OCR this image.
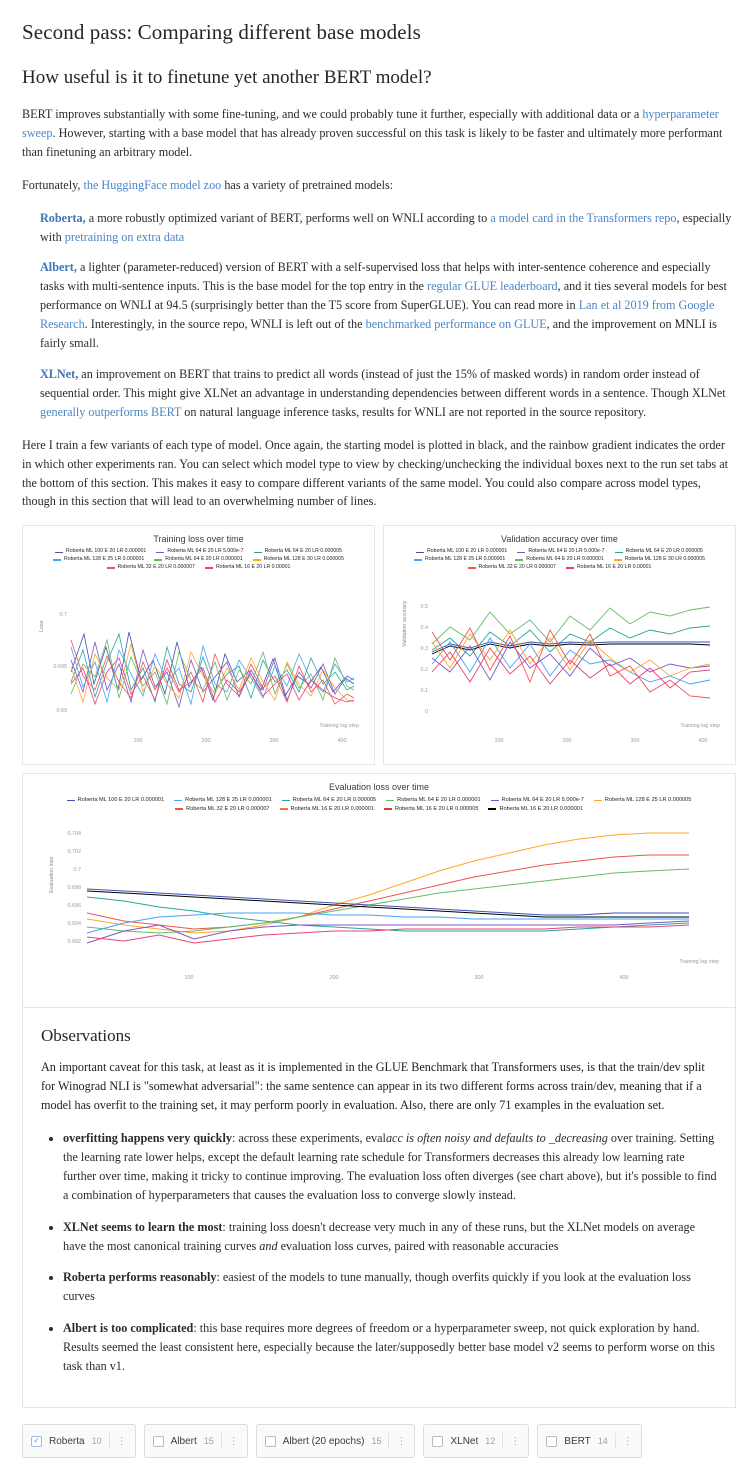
Second pass: Comparing different base models
How useful is it to finetune yet another BERT model?

BERT improves substantially with some fine-tuning, and we could probably tune it further, especially with additional data or a hyperparameter sweep. However, starting with a base model that has already proven successful on this task is likely to be faster and ultimately more performant than finetuning an arbitrary model.

Fortunately, the HuggingFace model zoo has a variety of pretrained models:

Roberta, a more robustly optimized variant of BERT, performs well on WNLI according to a model card in the Transformers repo, especially with pretraining on extra data

Albert, a lighter (parameter-reduced) version of BERT with a self-supervised loss that helps with inter-sentence coherence and especially tasks with multi-sentence inputs. This is the base model for the top entry in the regular GLUE leaderboard, and it ties several models for best performance on WNLI at 94.5 (surprisingly better than the T5 score from SuperGLUE). You can read more in Lan et al 2019 from Google Research. Interestingly, in the source repo, WNLI is left out of the benchmarked performance on GLUE, and the improvement on MNLI is fairly small.

XLNet, an improvement on BERT that trains to predict all words (instead of just the 15% of masked words) in random order instead of sequential order. This might give XLNet an advantage in understanding dependencies between different words in a sentence. Though XLNet generally outperforms BERT on natural language inference tasks, results for WNLI are not reported in the source repository.

Here I train a few variants of each type of model. Once again, the starting model is plotted in black, and the rainbow gradient indicates the order in which other experiments ran. You can select which model type to view by checking/unchecking the individual boxes next to the run set tabs at the bottom of this section. This makes it easy to compare different variants of the same model. You could also compare across model types, though in this section that will lead to an overwhelming number of lines.

Training loss over time
Roberta ML 100 E 20 LR 0.000001	Roberta ML 64 E 20 LR 5.000e-7	Roberta ML 64 E 20 LR 0.000005
Roberta ML 128 E 25 LR 0.000001	Roberta ML 64 E 20 LR 0.000001	Roberta ML 128 E 30 LR 0.000005
Roberta ML 32 E 20 LR 0.000007	Roberta ML 16 E 20 LR 0.00001
Loss
0.7
0.695
0.69
100	200	300	400
Training log step
Validation accuracy over time
Roberta ML 100 E 20 LR 0.000001	Roberta ML 64 E 20 LR 5.000e-7	Roberta ML 64 E 20 LR 0.000005
Roberta ML 128 E 25 LR 0.000001	Roberta ML 64 E 20 LR 0.000001	Roberta ML 128 E 30 LR 0.000005
Roberta ML 32 E 20 LR 0.000007	Roberta ML 16 E 20 LR 0.00001
Validation accuracy 0.5
0.4
0.3
0.2
0.1
0
100	200	300	400
Training log step
Evaluation loss over time
Roberta ML 100 E 20 LR 0.000001	Roberta ML 128 E 25 LR 0.000001	Roberta ML 64 E 20 LR 0.000005	Roberta ML 64 E 20 LR 0.000001	Roberta ML 64 E 20 LR 5.000e-7	Roberta ML 128 E 25 LR 0.000005
Roberta ML 32 E 20 LR 0.000007	Roberta ML 16 E 20 LR 0.000001	Roberta ML 16 E 20 LR 0.000005	Roberta ML 16 E 20 LR 0.000001
Evaluation loss
0.704
0.702
0.7
0.698
0.696
0.694
0.692
100	200	300	400
Training log step
Observations

An important caveat for this task, at least as it is implemented in the GLUE Benchmark that Transformers uses, is that the train/dev split for Winograd NLI is "somewhat adversarial": the same sentence can appear in its two different forms across train/dev, meaning that if a model has overfit to the training set, it may perform poorly in evaluation. Also, there are only 71 examples in the evaluation set.

• overfitting happens very quickly: across these experiments, evalacc is often noisy and defaults to _decreasing over training. Setting the learning rate lower helps, except the default learning rate schedule for Transformers decreases this already low learning rate further over time, making it tricky to continue improving. The evaluation loss often diverges (see chart above), but it's possible to find a combination of hyperparameters that causes the evaluation loss to converge slowly instead.
• XLNet seems to learn the most: training loss doesn't decrease very much in any of these runs, but the XLNet models on average have the most canonical training curves and evaluation loss curves, paired with reasonable accuracies
• Roberta performs reasonably: easiest of the models to tune manually, though overfits quickly if you look at the evaluation loss curves
• Albert is too complicated: this base requires more degrees of freedom or a hyperparameter sweep, not quick exploration by hand. Results seemed the least consistent here, especially because the later/supposedly better base model v2 seems to perform worse on this task than v1.
✓ Roberta 10 ⋮	Albert 15 ⋮	Albert (20 epochs) 15 ⋮	XLNet 12 ⋮	BERT 14 ⋮
